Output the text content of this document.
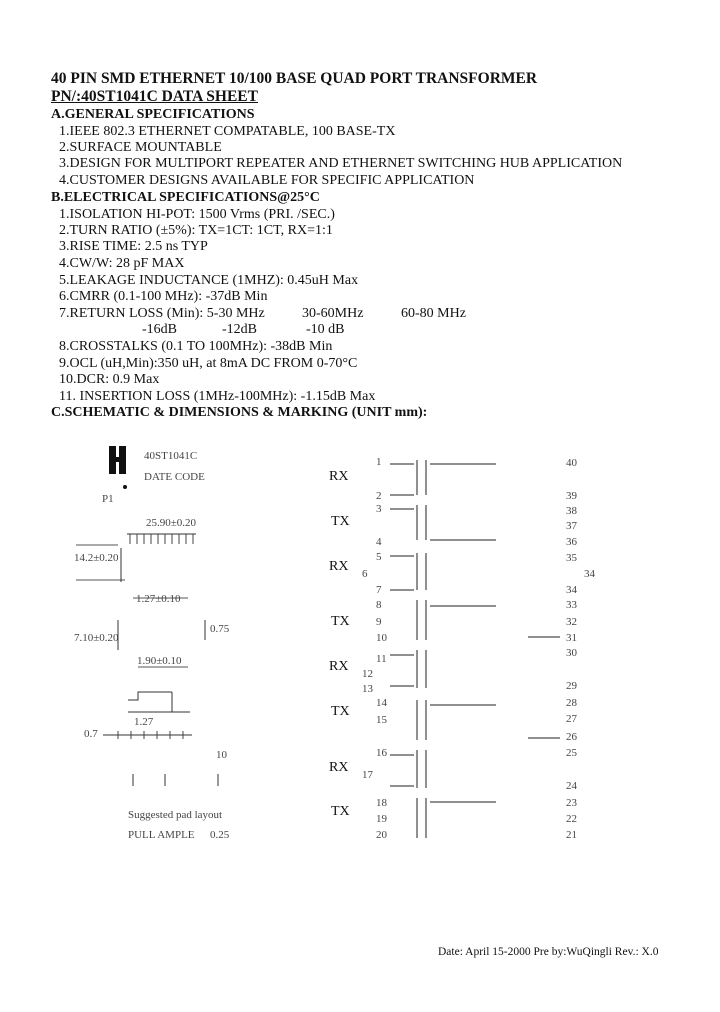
40 PIN SMD ETHERNET 10/100 BASE QUAD PORT TRANSFORMER
PN/:40ST1041C DATA SHEET
A.GENERAL SPECIFICATIONS
1.IEEE 802.3 ETHERNET COMPATABLE, 100 BASE-TX
2.SURFACE MOUNTABLE
3.DESIGN FOR MULTIPORT REPEATER AND ETHERNET SWITCHING HUB APPLICATION
4.CUSTOMER DESIGNS AVAILABLE FOR SPECIFIC APPLICATION
B.ELECTRICAL SPECIFICATIONS@25°C
1.ISOLATION HI-POT: 1500 Vrms (PRI. /SEC.)
2.TURN RATIO (±5%): TX=1CT: 1CT, RX=1:1
3.RISE TIME: 2.5 ns TYP
4.CW/W: 28 pF MAX
5.LEAKAGE INDUCTANCE (1MHZ): 0.45uH Max
6.CMRR (0.1-100 MHz): -37dB Min
7.RETURN LOSS (Min): 5-30 MHz	30-60MHz	60-80 MHz
-16dB	-12dB	-10 dB
8.CROSSTALKS (0.1 TO 100MHz): -38dB Min
9.OCL (uH,Min):350 uH, at 8mA DC FROM 0-70°C
10.DCR: 0.9 Max
11. INSERTION LOSS (1MHz-100MHz): -1.15dB Max
C.SCHEMATIC & DIMENSIONS & MARKING (UNIT mm):
40ST1041C
DATE CODE
P1
25.90±0.20
14.2±0.20
1.27±0.10
7.10±0.20
0.75
1.90±0.10
1.27
0.7
10
Suggested pad layout
PULL AMPLE 0.25
RX
TX
RX
TX
RX
TX
RX
TX
1
2
3
4
5
7
8
9
10
11
14
15
16
18
19
20
40
39
38
37
36
35
34
33
32
31
30
29
28
27
26
25
24
23
22
21
6
12
13
17
34
Date: April 15-2000 Pre by:WuQingli Rev.: X.0
